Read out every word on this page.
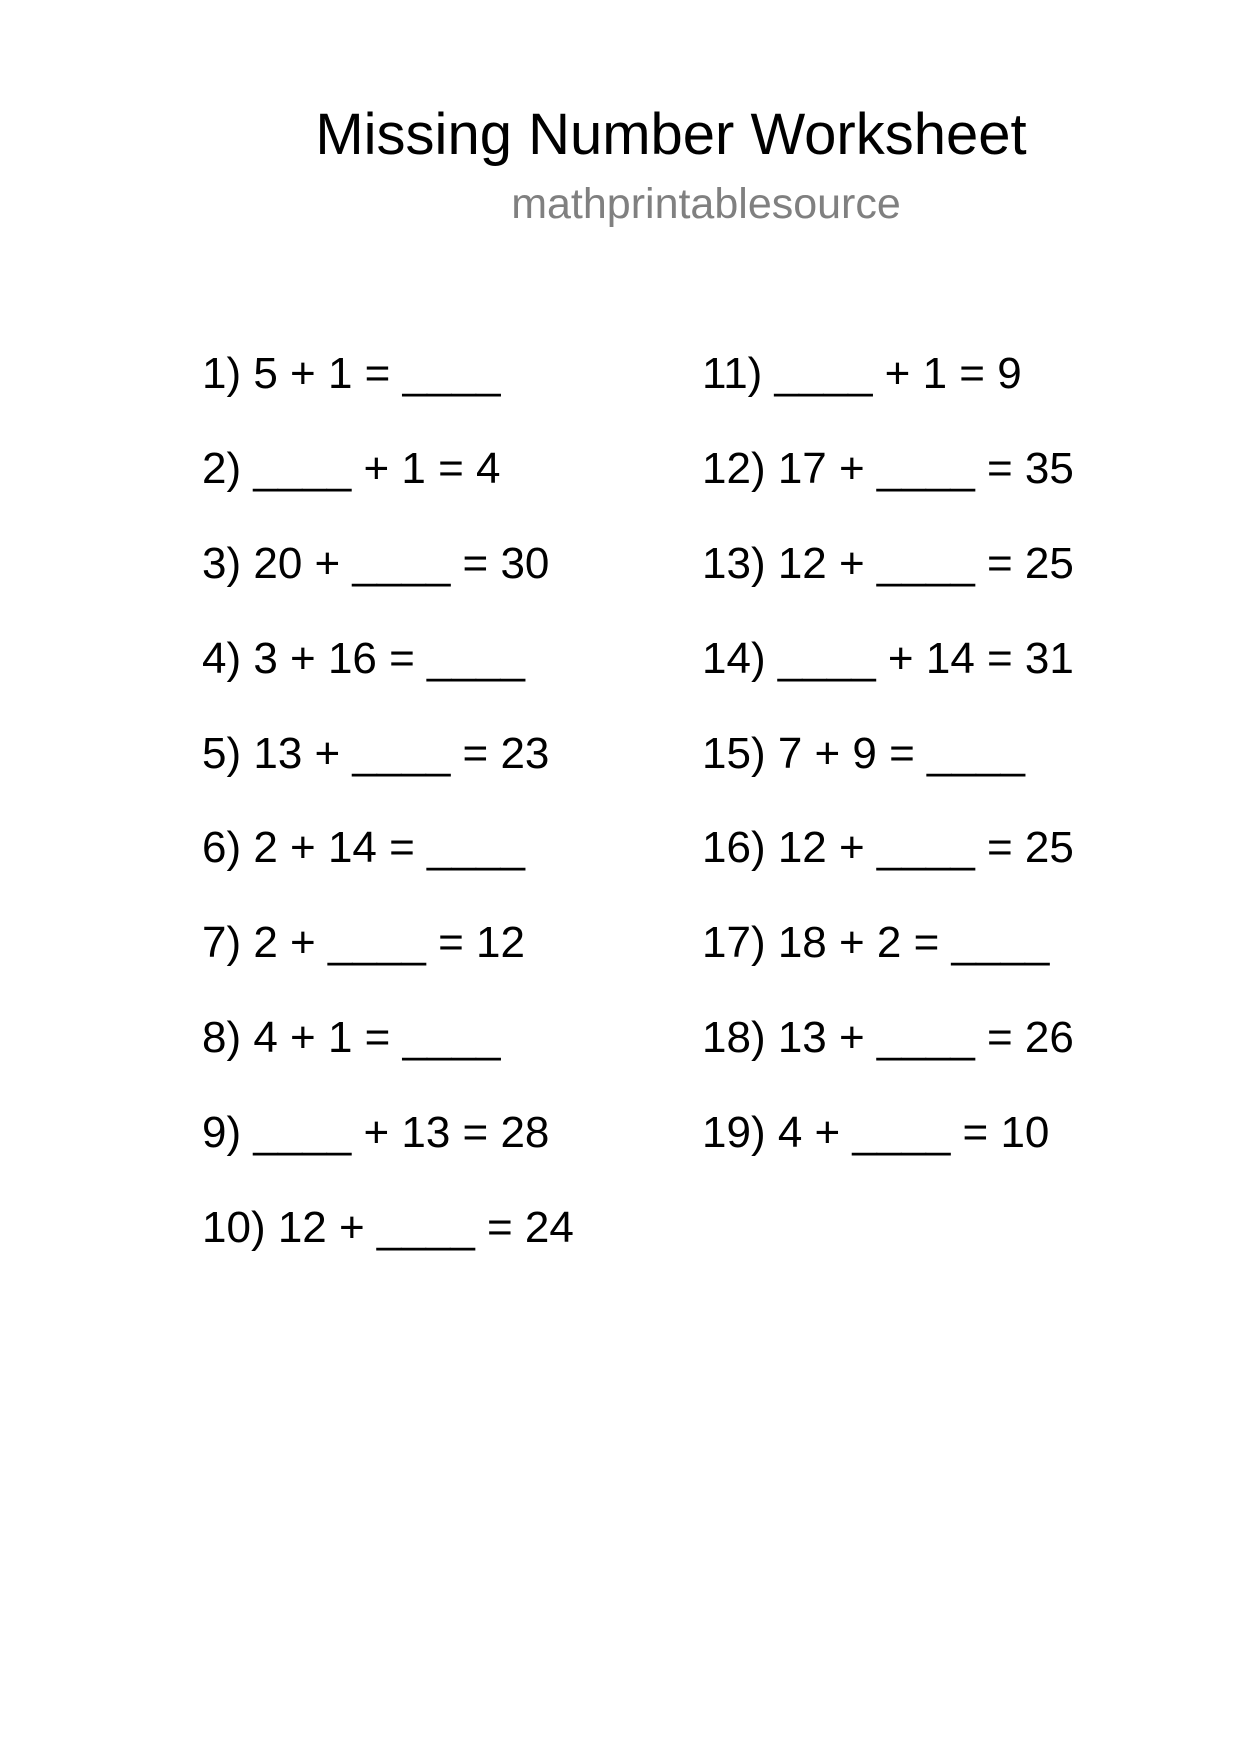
Missing Number Worksheet
mathprintablesource
1) 5 + 1 = ____
2) ____ + 1 = 4
3) 20 + ____ = 30
4) 3 + 16 = ____
5) 13 + ____ = 23
6) 2 + 14 = ____
7) 2 + ____ = 12
8) 4 + 1 = ____
9) ____ + 13 = 28
10) 12 + ____ = 24
11) ____ + 1 = 9
12) 17 + ____ = 35
13) 12 + ____ = 25
14) ____ + 14 = 31
15) 7 + 9 = ____
16) 12 + ____ = 25
17) 18 + 2 = ____
18) 13 + ____ = 26
19) 4 + ____ = 10
